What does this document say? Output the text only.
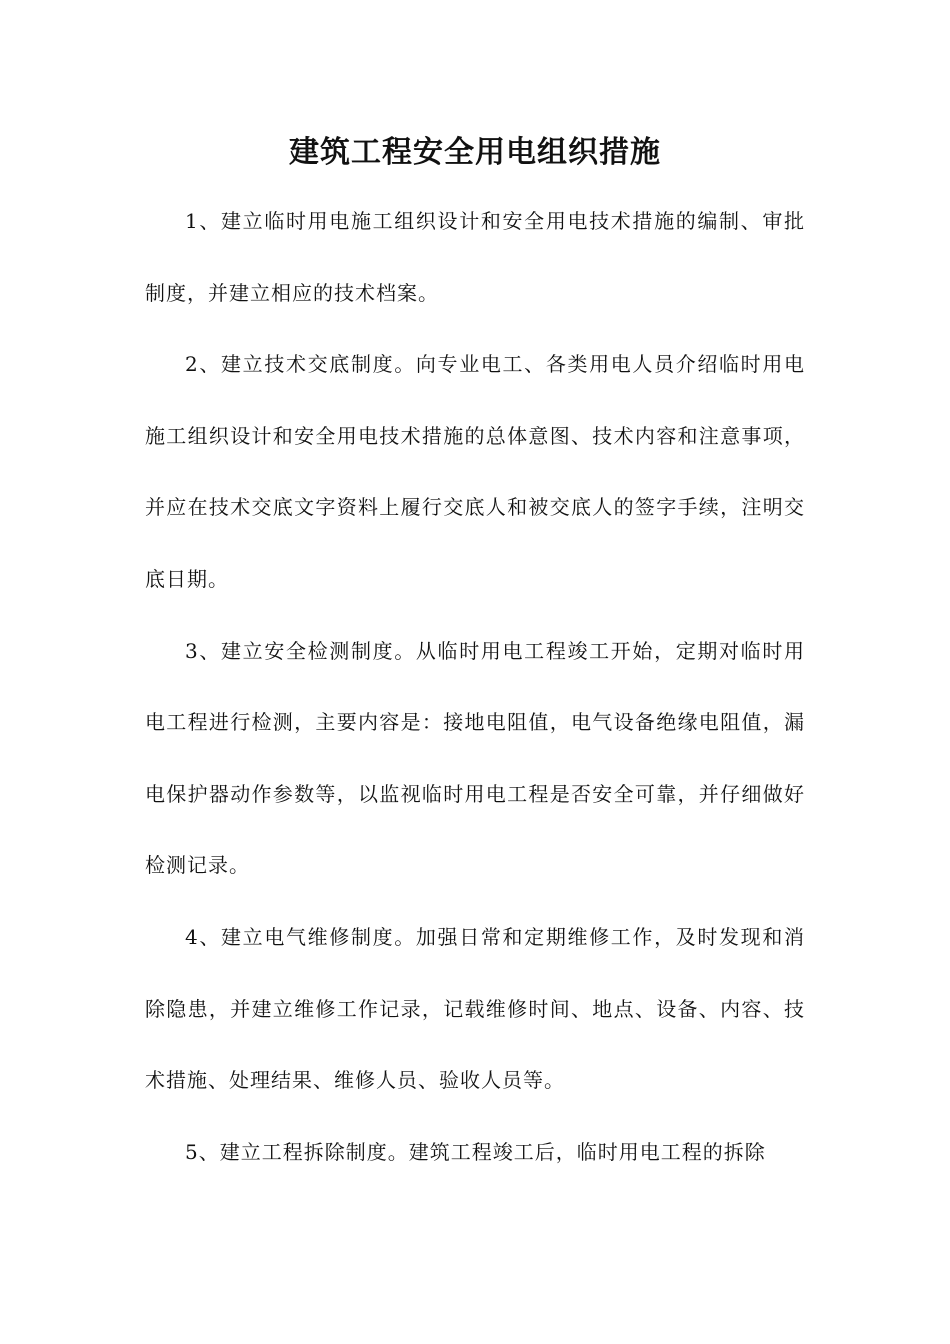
建筑工程安全用电组织措施

1、建立临时用电施工组织设计和安全用电技术措施的编制、审批制度，并建立相应的技术档案。

2、建立技术交底制度。向专业电工、各类用电人员介绍临时用电施工组织设计和安全用电技术措施的总体意图、技术内容和注意事项，并应在技术交底文字资料上履行交底人和被交底人的签字手续，注明交底日期。

3、建立安全检测制度。从临时用电工程竣工开始，定期对临时用电工程进行检测，主要内容是：接地电阻值，电气设备绝缘电阻值，漏电保护器动作参数等，以监视临时用电工程是否安全可靠，并仔细做好检测记录。

4、建立电气维修制度。加强日常和定期维修工作，及时发现和消除隐患，并建立维修工作记录，记载维修时间、地点、设备、内容、技术措施、处理结果、维修人员、验收人员等。

5、建立工程拆除制度。建筑工程竣工后，临时用电工程的拆除
